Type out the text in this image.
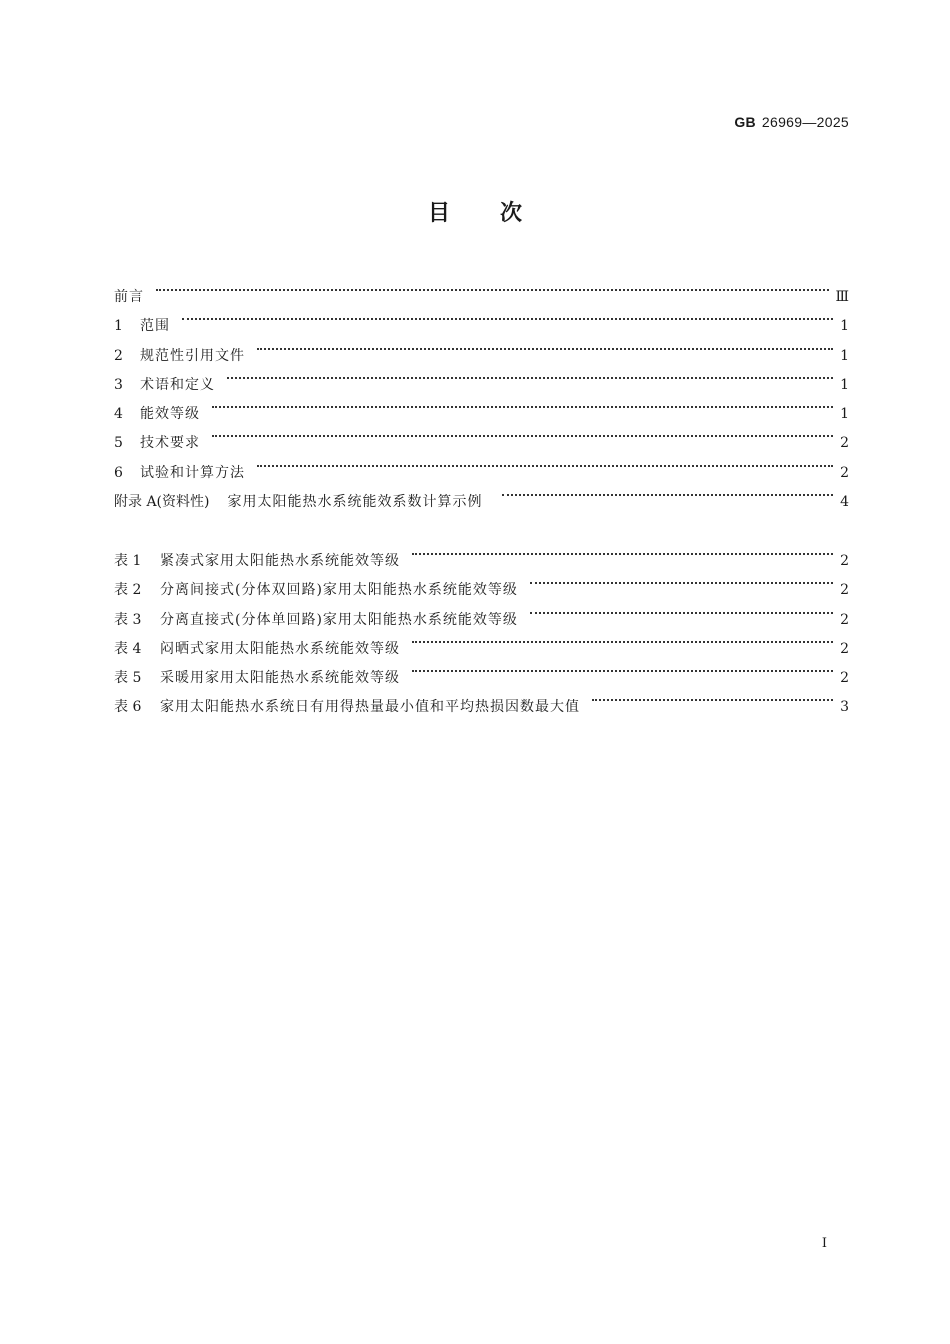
GB 26969—2025
目次
前言	Ⅲ
1	范围	1
2	规范性引用文件	1
3	术语和定义	1
4	能效等级	1
5	技术要求	2
6	试验和计算方法	2
附录 A(资料性) 家用太阳能热水系统能效系数计算示例	4
表 1	紧凑式家用太阳能热水系统能效等级	2
表 2	分离间接式(分体双回路)家用太阳能热水系统能效等级	2
表 3	分离直接式(分体单回路)家用太阳能热水系统能效等级	2
表 4	闷晒式家用太阳能热水系统能效等级	2
表 5	采暖用家用太阳能热水系统能效等级	2
表 6	家用太阳能热水系统日有用得热量最小值和平均热损因数最大值	3
I
